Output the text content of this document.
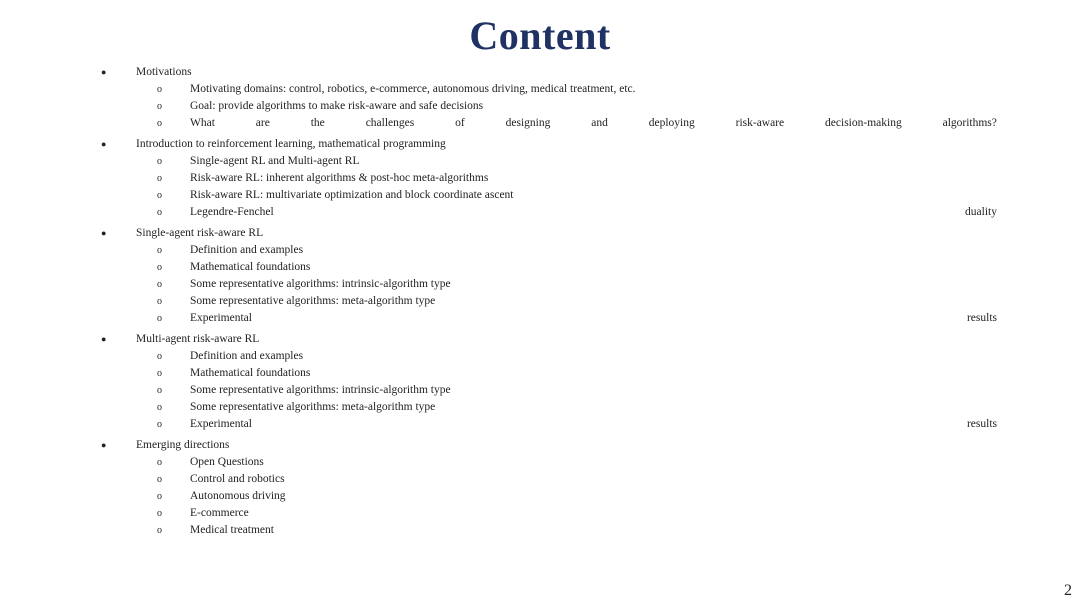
Content
●	Motivations
o Motivating domains: control, robotics, e-commerce, autonomous driving, medical treatment, etc.
o Goal: provide algorithms to make risk-aware and safe decisions
o What	are	the	challenges	of	designing	and	deploying	risk-aware	decision-making	algorithms?
●	Introduction to reinforcement learning, mathematical programming
o Single-agent RL and Multi-agent RL
o Risk-aware RL: inherent algorithms & post-hoc meta-algorithms
o Risk-aware RL: multivariate optimization and block coordinate ascent
o Legendre-Fenchel	duality
●	Single-agent risk-aware RL
o Definition and examples
o Mathematical foundations
o Some representative algorithms: intrinsic-algorithm type
o Some representative algorithms: meta-algorithm type
o Experimental	results
●	Multi-agent risk-aware RL
o Definition and examples
o Mathematical foundations
o Some representative algorithms: intrinsic-algorithm type
o Some representative algorithms: meta-algorithm type
o Experimental	results
●	Emerging directions
o Open Questions
o Control and robotics
o Autonomous driving
o E-commerce
o Medical treatment
2
